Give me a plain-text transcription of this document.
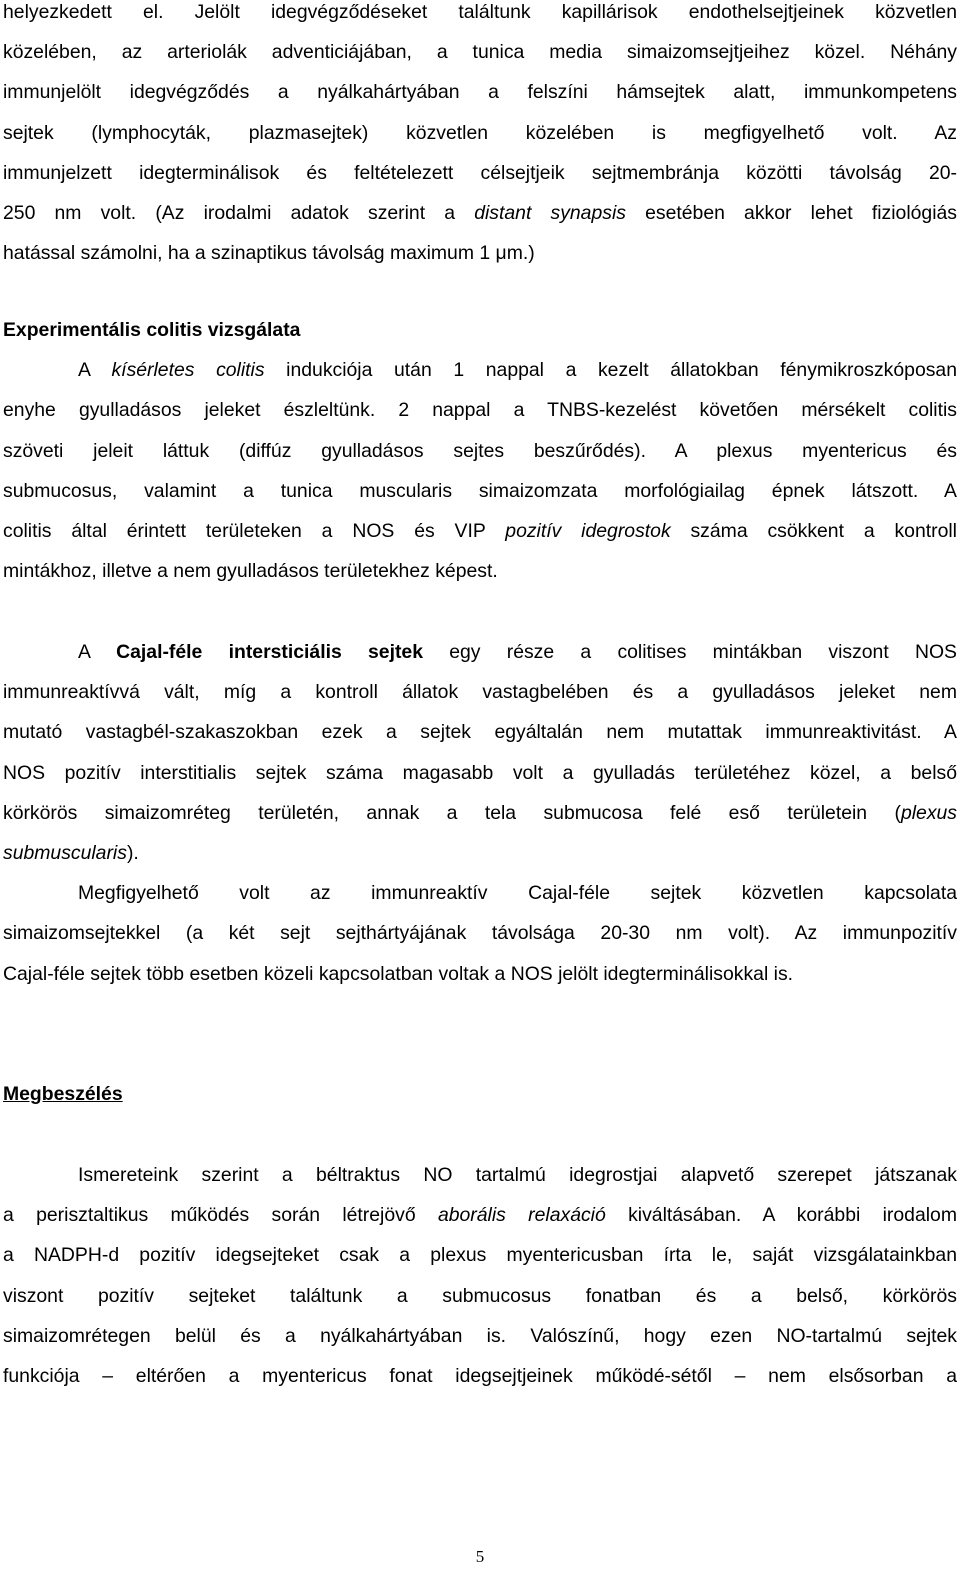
helyezkedett el. Jelölt idegvégződéseket találtunk kapillárisok endothelsejtjeinek közvetlen
közelében, az arteriolák adventiciájában, a tunica media simaizomsejtjeihez közel. Néhány
immunjelölt idegvégződés a nyálkahártyában a felszíni hámsejtek alatt, immunkompetens
sejtek (lymphocyták, plazmasejtek) közvetlen közelében is megfigyelhető volt. Az
immunjelzett idegterminálisok és feltételezett célsejtjeik sejtmembránja közötti távolság 20-
250 nm volt. (Az irodalmi adatok szerint a distant synapsis esetében akkor lehet fiziológiás
hatással számolni, ha a szinaptikus távolság maximum 1 μm.)
Experimentális colitis vizsgálata
A kísérletes colitis indukciója után 1 nappal a kezelt állatokban fénymikroszkóposan
enyhe gyulladásos jeleket észleltünk. 2 nappal a TNBS-kezelést követően mérsékelt colitis
szöveti jeleit láttuk (diffúz gyulladásos sejtes beszűrődés). A plexus myentericus és
submucosus, valamint a tunica muscularis simaizomzata morfológiailag épnek látszott. A
colitis által érintett területeken a NOS és VIP pozitív idegrostok száma csökkent a kontroll
mintákhoz, illetve a nem gyulladásos területekhez képest.
A Cajal-féle intersticiális sejtek egy része a colitises mintákban viszont NOS
immunreaktívvá vált, míg a kontroll állatok vastagbelében és a gyulladásos jeleket nem
mutató vastagbél-szakaszokban ezek a sejtek egyáltalán nem mutattak immunreaktivitást. A
NOS pozitív interstitialis sejtek száma magasabb volt a gyulladás területéhez közel, a belső
körkörös simaizomréteg területén, annak a tela submucosa felé eső területein (plexus
submuscularis).
Megfigyelhető volt az immunreaktív Cajal-féle sejtek közvetlen kapcsolata
simaizomsejtekkel (a két sejt sejthártyájának távolsága 20-30 nm volt). Az immunpozitív
Cajal-féle sejtek több esetben közeli kapcsolatban voltak a NOS jelölt idegterminálisokkal is.
Megbeszélés
Ismereteink szerint a béltraktus NO tartalmú idegrostjai alapvető szerepet játszanak
a perisztaltikus működés során létrejövő aborális relaxáció kiváltásában. A korábbi irodalom
a NADPH-d pozitív idegsejteket csak a plexus myentericusban írta le, saját vizsgálatainkban
viszont pozitív sejteket találtunk a submucosus fonatban és a belső, körkörös
simaizomrétegen belül és a nyálkahártyában is. Valószínű, hogy ezen NO-tartalmú sejtek
funkciója – eltérően a myentericus fonat idegsejtjeinek működé-sétől – nem elsősorban a
5
